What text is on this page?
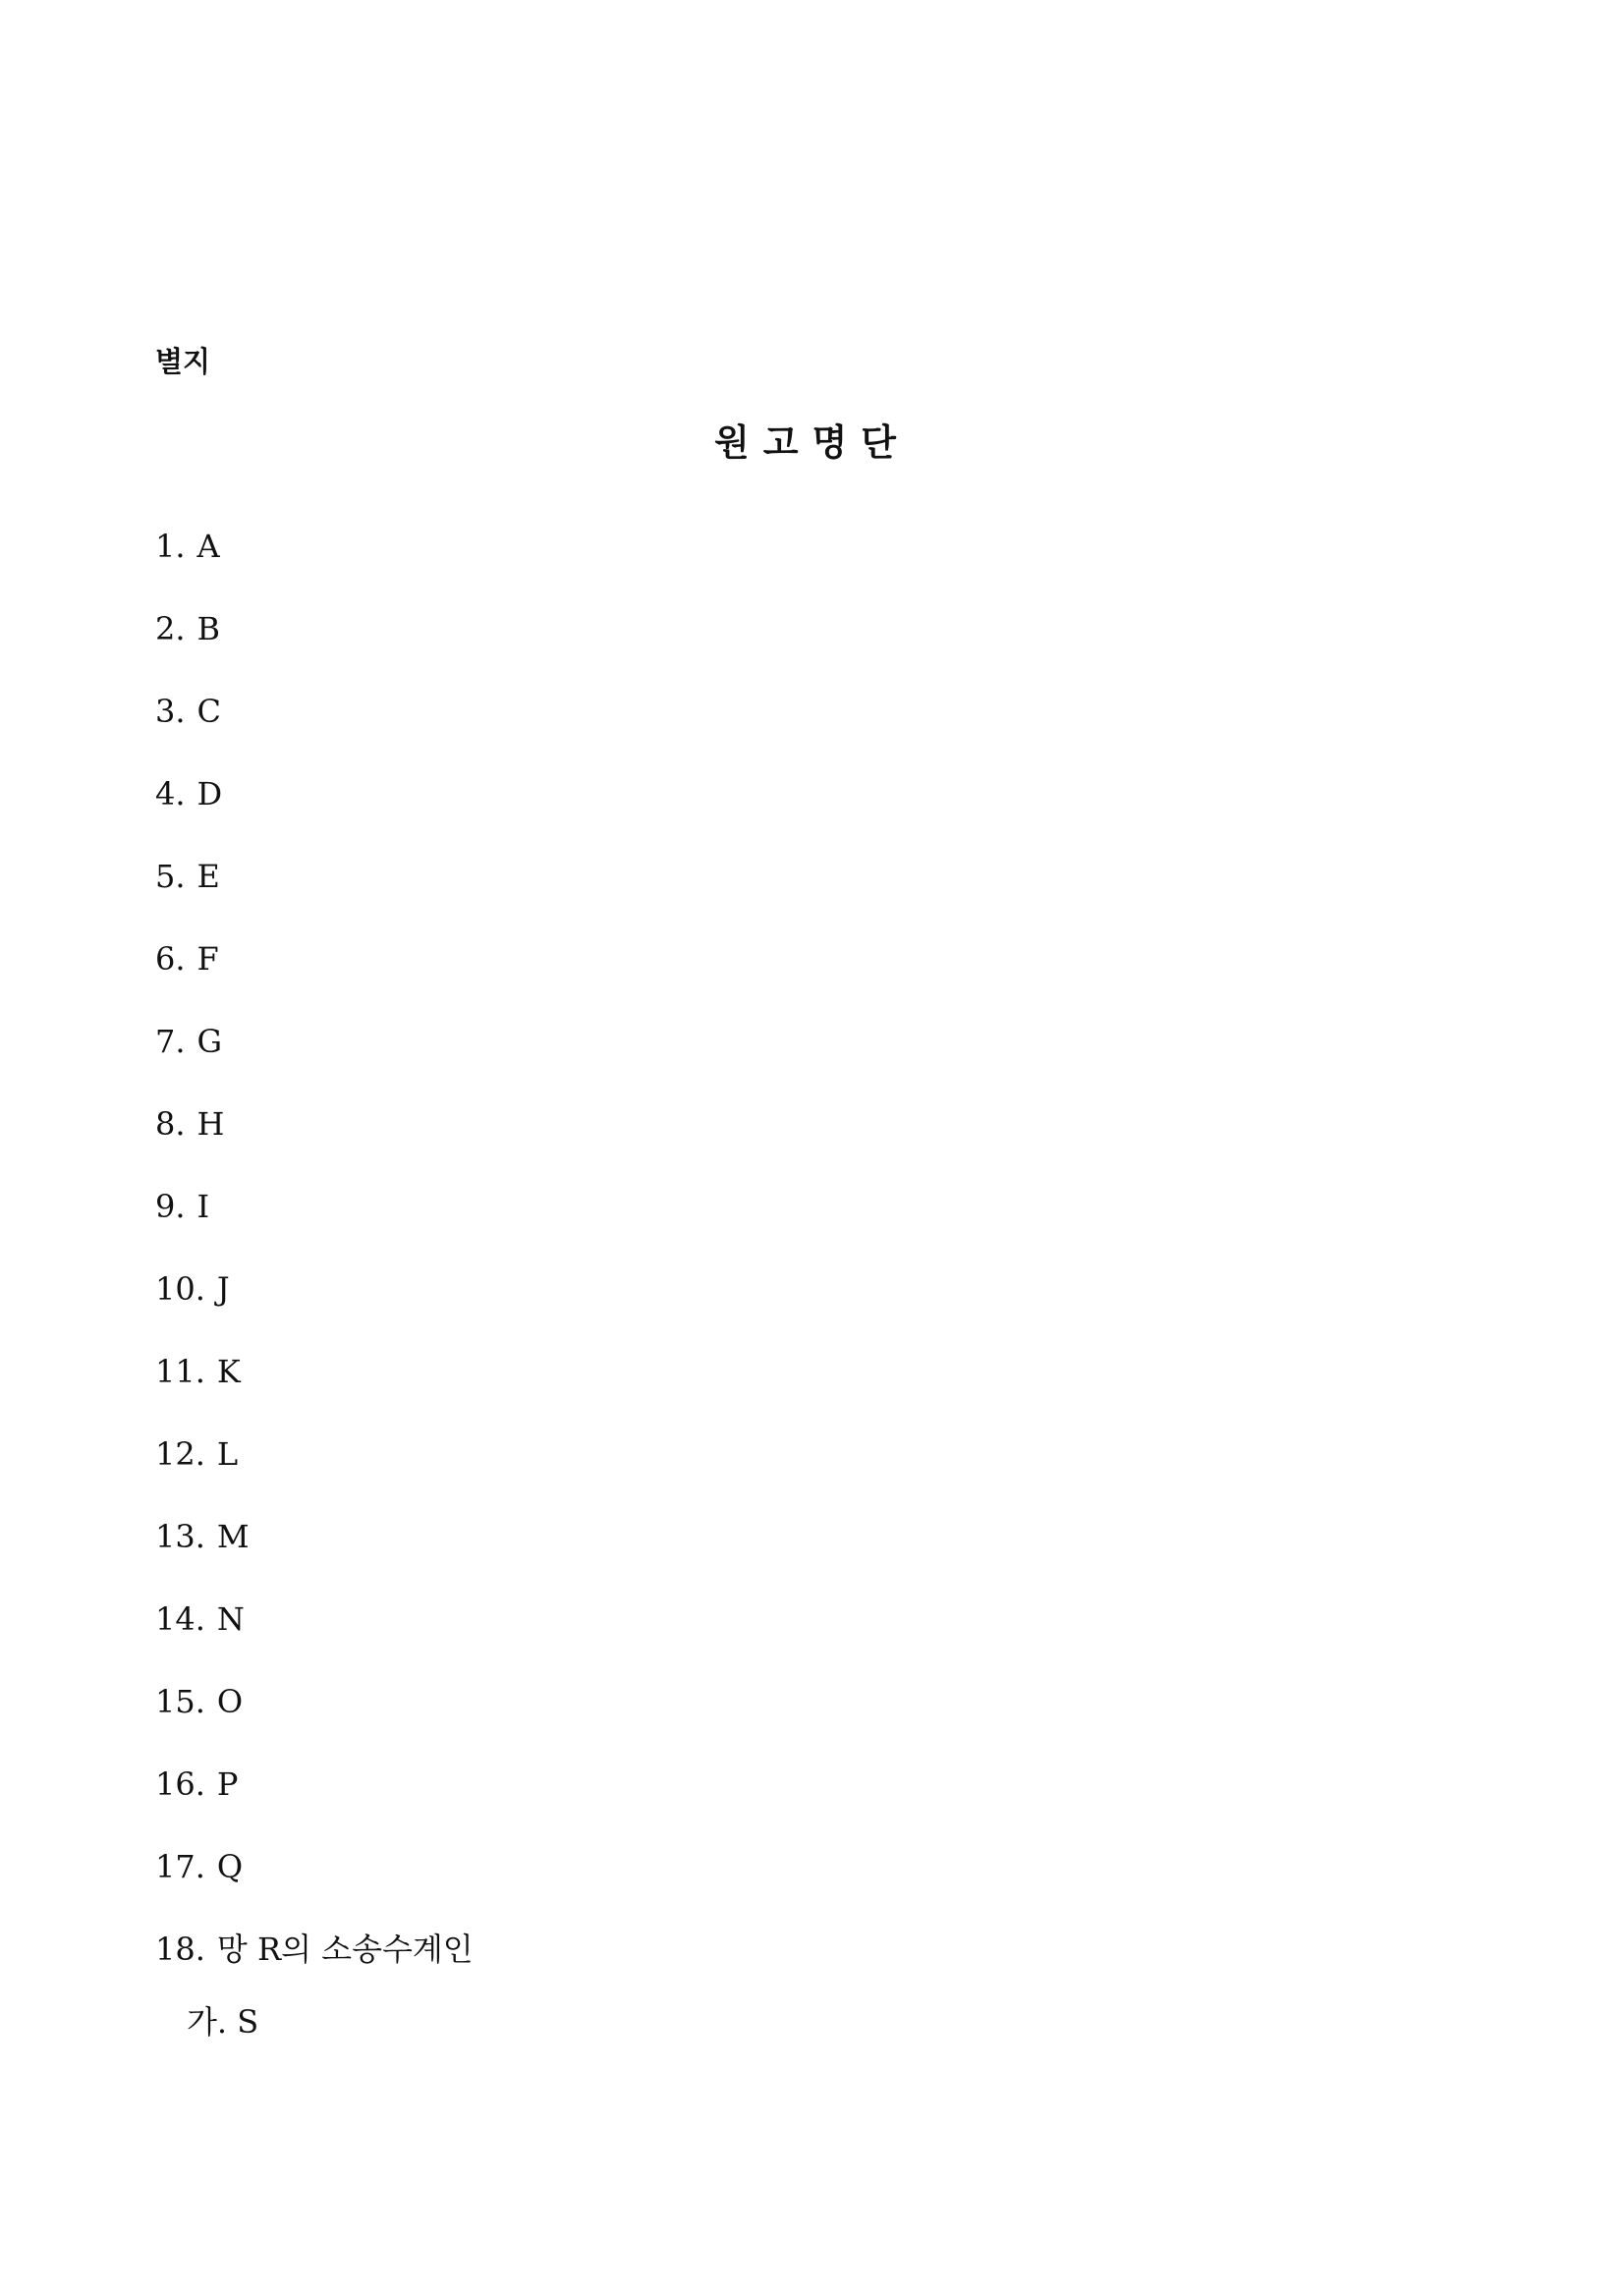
별지
원고명단
1. A
2. B
3. C
4. D
5. E
6. F
7. G
8. H
9. I
10. J
11. K
12. L
13. M
14. N
15. O
16. P
17. Q
18. 망 R의 소송수계인
가. S
